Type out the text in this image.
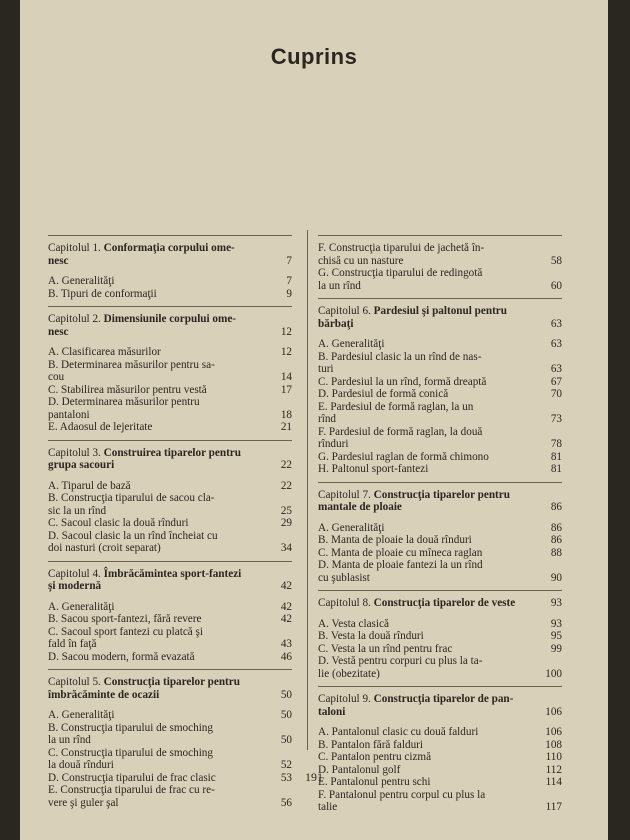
Cuprins
Capitolul 1. Conformaţia corpului ome-
nesc	7
A. Generalităţi	7
B. Tipuri de conformaţii	9
Capitolul 2. Dimensiunile corpului ome-
nesc	12
A. Clasificarea măsurilor	12
B. Determinarea măsurilor pentru sa-
cou	14
C. Stabilirea măsurilor pentru vestă	17
D. Determinarea măsurilor pentru
pantaloni	18
E. Adaosul de lejeritate	21
Capitolul 3. Construirea tiparelor pentru
grupa sacouri	22
A. Tiparul de bază	22
B. Construcţia tiparului de sacou cla-
sic la un rînd	25
C. Sacoul clasic la două rînduri	29
D. Sacoul clasic la un rînd încheiat cu
doi nasturi (croit separat)	34
Capitolul 4. Îmbrăcămintea sport-fantezi
şi modernă	42
A. Generalităţi	42
B. Sacou sport-fantezi, fără revere	42
C. Sacoul sport fantezi cu platcă şi
fald în faţă	43
D. Sacou modern, formă evazată	46
Capitolul 5. Construcţia tiparelor pentru
îmbrăcăminte de ocazii	50
A. Generalităţi	50
B. Construcţia tiparului de smoching
la un rînd	50
C. Construcţia tiparului de smoching
la două rînduri	52
D. Construcţia tiparului de frac clasic	53
E. Construcţia tiparului de frac cu re-
vere şi guler şal	56
F. Construcţia tiparului de jachetă în-
chisă cu un nasture	58
G. Construcţia tiparului de redingotă
la un rînd	60
Capitolul 6. Pardesiul şi paltonul pentru
bărbaţi	63
A. Generalităţi	63
B. Pardesiul clasic la un rînd de nas-
turi	63
C. Pardesiul la un rînd, formă dreaptă	67
D. Pardesiul de formă conică	70
E. Pardesiul de formă raglan, la un
rînd	73
F. Pardesiul de formă raglan, la două
rînduri	78
G. Pardesiul raglan de formă chimono	81
H. Paltonul sport-fantezi	81
Capitolul 7. Construcţia tiparelor pentru
mantale de ploaie	86
A. Generalităţi	86
B. Manta de ploaie la două rînduri	86
C. Manta de ploaie cu mîneca raglan	88
D. Manta de ploaie fantezi la un rînd
cu şublasist	90
Capitolul 8. Construcţia tiparelor de veste	93
A. Vesta clasică	93
B. Vesta la două rînduri	95
C. Vesta la un rînd pentru frac	99
D. Vestă pentru corpuri cu plus la ta-
lie (obezitate)	100
Capitolul 9. Construcţia tiparelor de pan-
taloni	106
A. Pantalonul clasic cu două falduri	106
B. Pantalon fără falduri	108
C. Pantalon pentru cizmă	110
D. Pantalonul golf	112
E. Pantalonul pentru schi	114
F. Pantalonul pentru corpul cu plus la
talie	117
191
